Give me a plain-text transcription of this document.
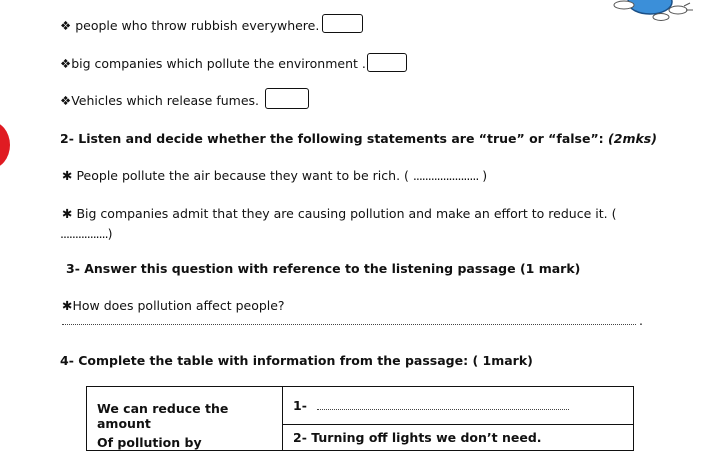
❖ people who throw rubbish everywhere.
❖big companies which pollute the environment .
❖Vehicles which release fumes.
2- Listen and decide whether the following statements are “true” or “false”: (2mks)
✱ People pollute the air because they want to be rich. ( ...................... )
✱ Big companies admit that they are causing pollution and make an effort to reduce it. (
................)
3- Answer this question with reference to the listening passage (1 mark)
✱How does pollution affect people?
.
4- Complete the table with information from the passage: ( 1mark)
We can reduce the amount
Of pollution by
	1-
2- Turning off lights we don’t need.
